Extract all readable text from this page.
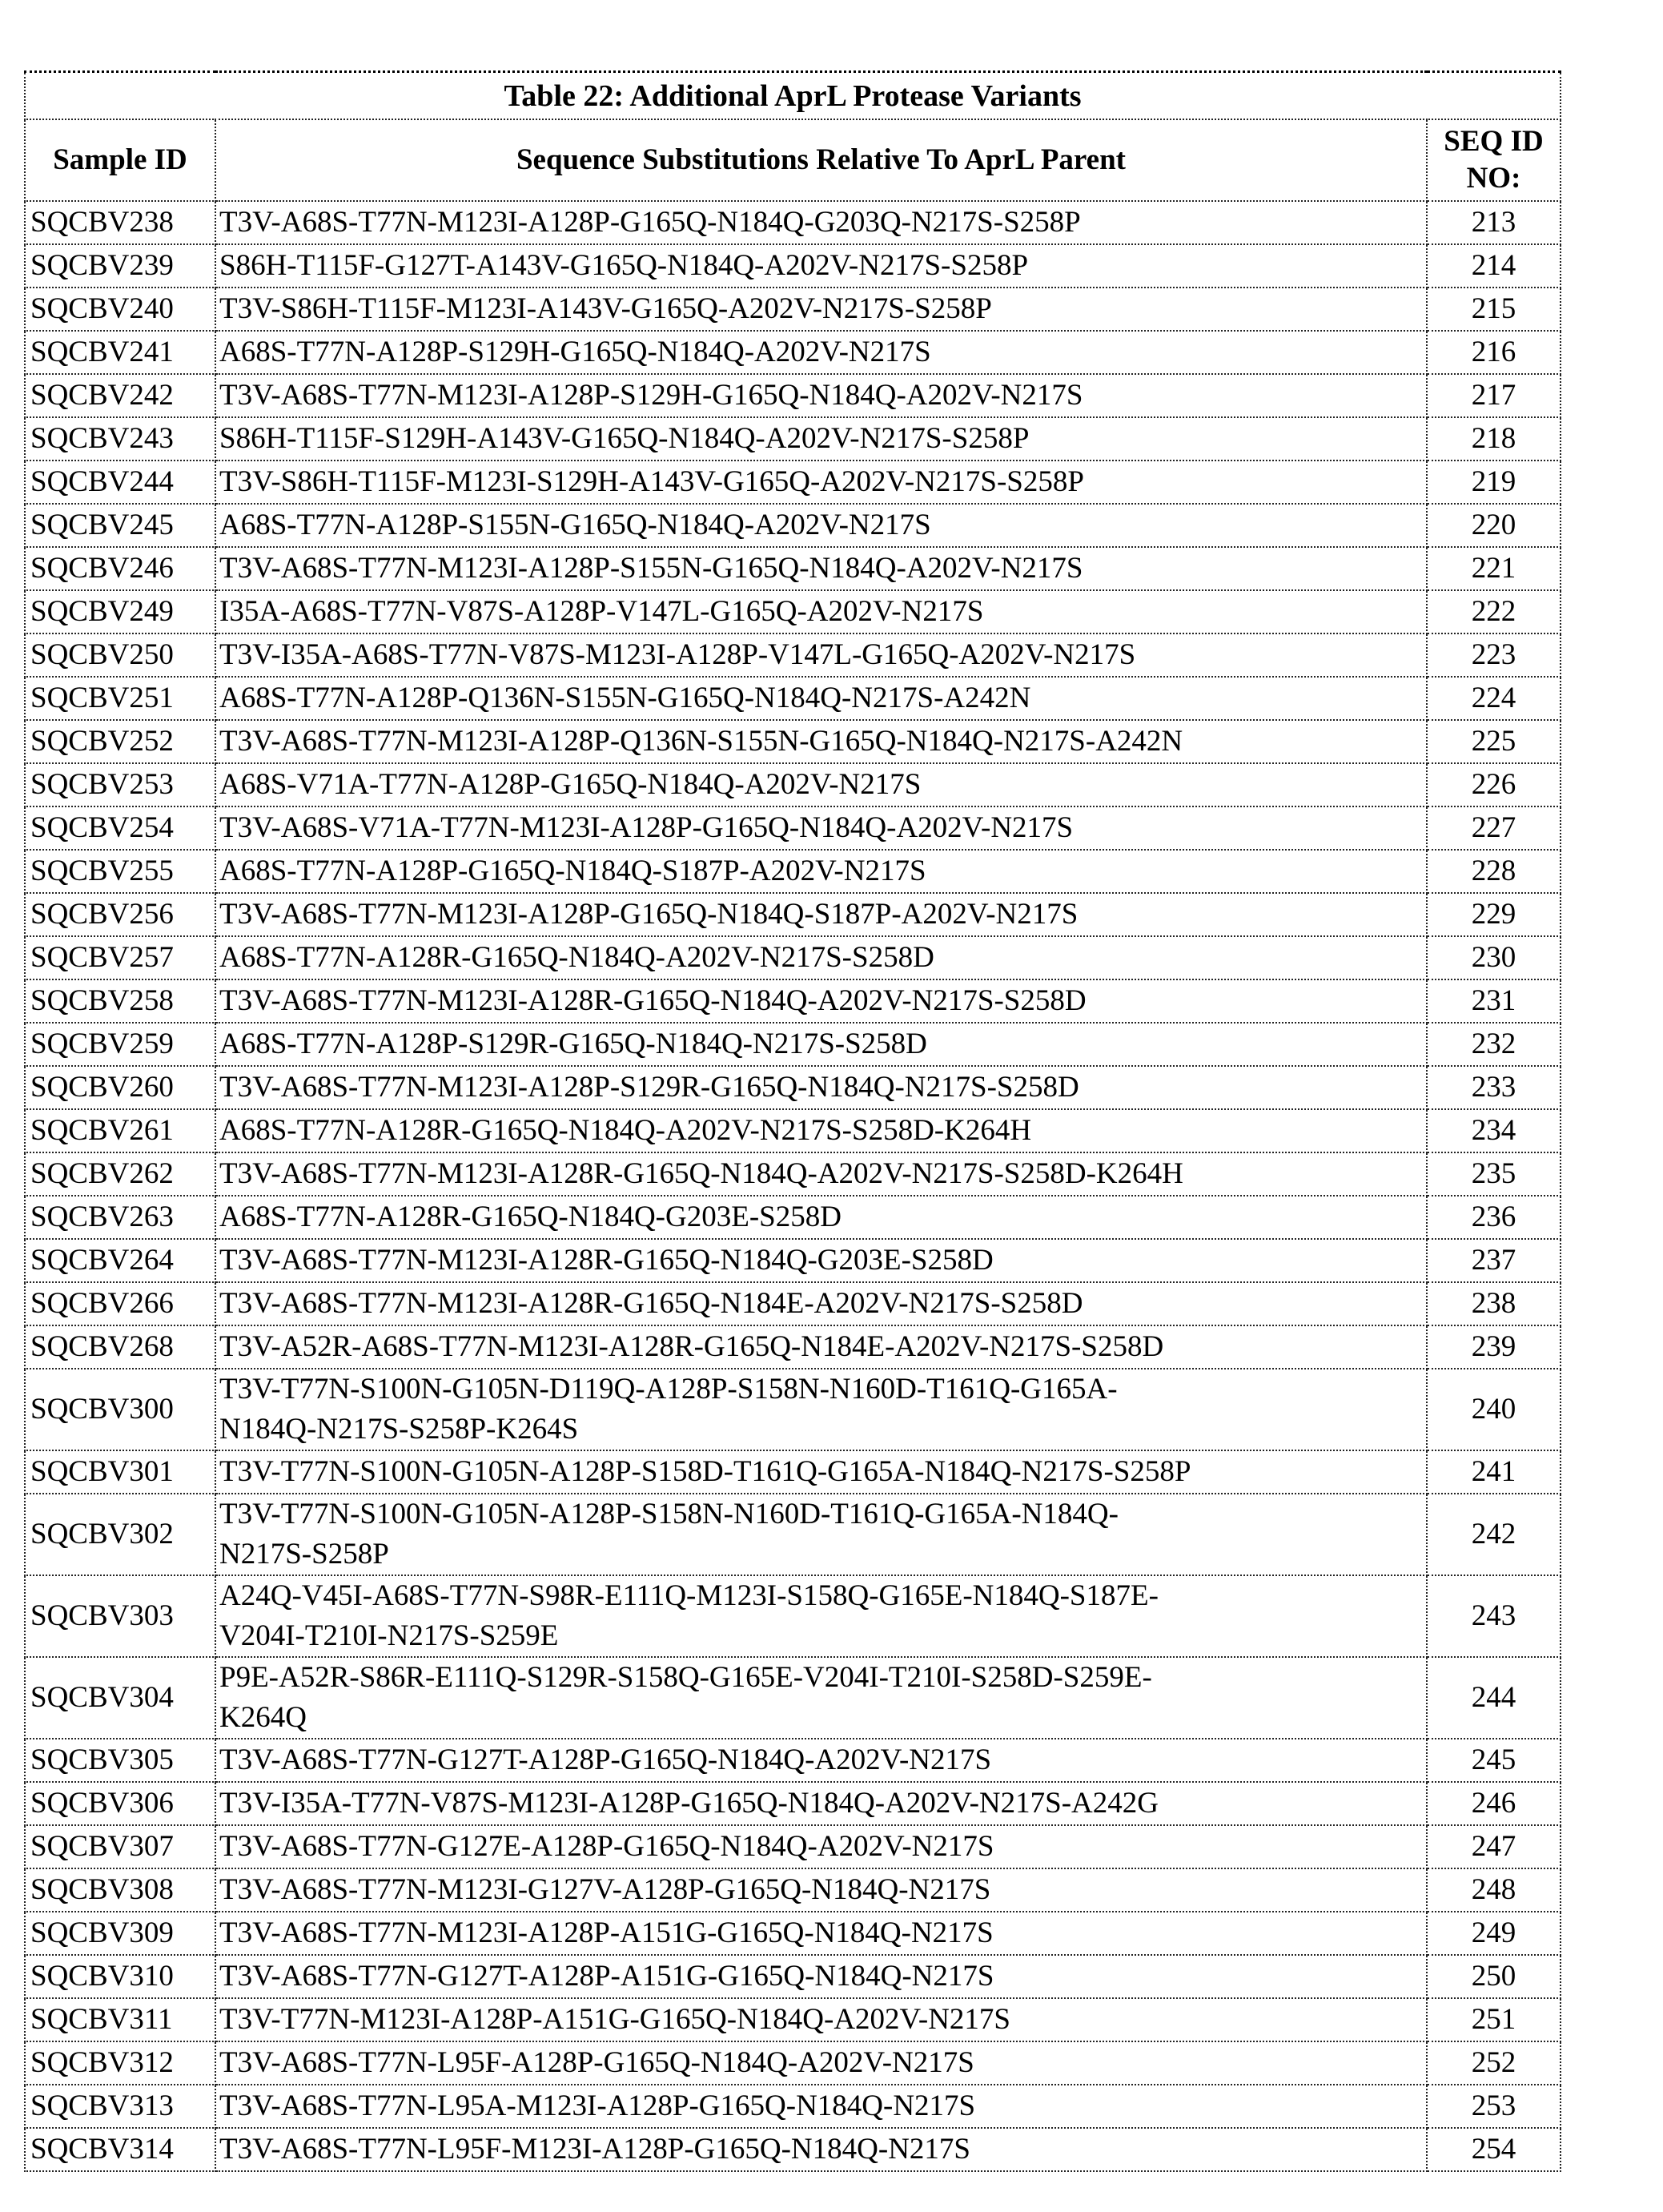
Table 22: Additional AprL Protease Variants
Sample ID	Sequence Substitutions Relative To AprL Parent	SEQ ID NO:
SQCBV238	T3V-A68S-T77N-M123I-A128P-G165Q-N184Q-G203Q-N217S-S258P	213
SQCBV239	S86H-T115F-G127T-A143V-G165Q-N184Q-A202V-N217S-S258P	214
SQCBV240	T3V-S86H-T115F-M123I-A143V-G165Q-A202V-N217S-S258P	215
SQCBV241	A68S-T77N-A128P-S129H-G165Q-N184Q-A202V-N217S	216
SQCBV242	T3V-A68S-T77N-M123I-A128P-S129H-G165Q-N184Q-A202V-N217S	217
SQCBV243	S86H-T115F-S129H-A143V-G165Q-N184Q-A202V-N217S-S258P	218
SQCBV244	T3V-S86H-T115F-M123I-S129H-A143V-G165Q-A202V-N217S-S258P	219
SQCBV245	A68S-T77N-A128P-S155N-G165Q-N184Q-A202V-N217S	220
SQCBV246	T3V-A68S-T77N-M123I-A128P-S155N-G165Q-N184Q-A202V-N217S	221
SQCBV249	I35A-A68S-T77N-V87S-A128P-V147L-G165Q-A202V-N217S	222
SQCBV250	T3V-I35A-A68S-T77N-V87S-M123I-A128P-V147L-G165Q-A202V-N217S	223
SQCBV251	A68S-T77N-A128P-Q136N-S155N-G165Q-N184Q-N217S-A242N	224
SQCBV252	T3V-A68S-T77N-M123I-A128P-Q136N-S155N-G165Q-N184Q-N217S-A242N	225
SQCBV253	A68S-V71A-T77N-A128P-G165Q-N184Q-A202V-N217S	226
SQCBV254	T3V-A68S-V71A-T77N-M123I-A128P-G165Q-N184Q-A202V-N217S	227
SQCBV255	A68S-T77N-A128P-G165Q-N184Q-S187P-A202V-N217S	228
SQCBV256	T3V-A68S-T77N-M123I-A128P-G165Q-N184Q-S187P-A202V-N217S	229
SQCBV257	A68S-T77N-A128R-G165Q-N184Q-A202V-N217S-S258D	230
SQCBV258	T3V-A68S-T77N-M123I-A128R-G165Q-N184Q-A202V-N217S-S258D	231
SQCBV259	A68S-T77N-A128P-S129R-G165Q-N184Q-N217S-S258D	232
SQCBV260	T3V-A68S-T77N-M123I-A128P-S129R-G165Q-N184Q-N217S-S258D	233
SQCBV261	A68S-T77N-A128R-G165Q-N184Q-A202V-N217S-S258D-K264H	234
SQCBV262	T3V-A68S-T77N-M123I-A128R-G165Q-N184Q-A202V-N217S-S258D-K264H	235
SQCBV263	A68S-T77N-A128R-G165Q-N184Q-G203E-S258D	236
SQCBV264	T3V-A68S-T77N-M123I-A128R-G165Q-N184Q-G203E-S258D	237
SQCBV266	T3V-A68S-T77N-M123I-A128R-G165Q-N184E-A202V-N217S-S258D	238
SQCBV268	T3V-A52R-A68S-T77N-M123I-A128R-G165Q-N184E-A202V-N217S-S258D	239
SQCBV300	T3V-T77N-S100N-G105N-D119Q-A128P-S158N-N160D-T161Q-G165A-
N184Q-N217S-S258P-K264S	240
SQCBV301	T3V-T77N-S100N-G105N-A128P-S158D-T161Q-G165A-N184Q-N217S-S258P	241
SQCBV302	T3V-T77N-S100N-G105N-A128P-S158N-N160D-T161Q-G165A-N184Q-
N217S-S258P	242
SQCBV303	A24Q-V45I-A68S-T77N-S98R-E111Q-M123I-S158Q-G165E-N184Q-S187E-
V204I-T210I-N217S-S259E	243
SQCBV304	P9E-A52R-S86R-E111Q-S129R-S158Q-G165E-V204I-T210I-S258D-S259E-
K264Q	244
SQCBV305	T3V-A68S-T77N-G127T-A128P-G165Q-N184Q-A202V-N217S	245
SQCBV306	T3V-I35A-T77N-V87S-M123I-A128P-G165Q-N184Q-A202V-N217S-A242G	246
SQCBV307	T3V-A68S-T77N-G127E-A128P-G165Q-N184Q-A202V-N217S	247
SQCBV308	T3V-A68S-T77N-M123I-G127V-A128P-G165Q-N184Q-N217S	248
SQCBV309	T3V-A68S-T77N-M123I-A128P-A151G-G165Q-N184Q-N217S	249
SQCBV310	T3V-A68S-T77N-G127T-A128P-A151G-G165Q-N184Q-N217S	250
SQCBV311	T3V-T77N-M123I-A128P-A151G-G165Q-N184Q-A202V-N217S	251
SQCBV312	T3V-A68S-T77N-L95F-A128P-G165Q-N184Q-A202V-N217S	252
SQCBV313	T3V-A68S-T77N-L95A-M123I-A128P-G165Q-N184Q-N217S	253
SQCBV314	T3V-A68S-T77N-L95F-M123I-A128P-G165Q-N184Q-N217S	254
